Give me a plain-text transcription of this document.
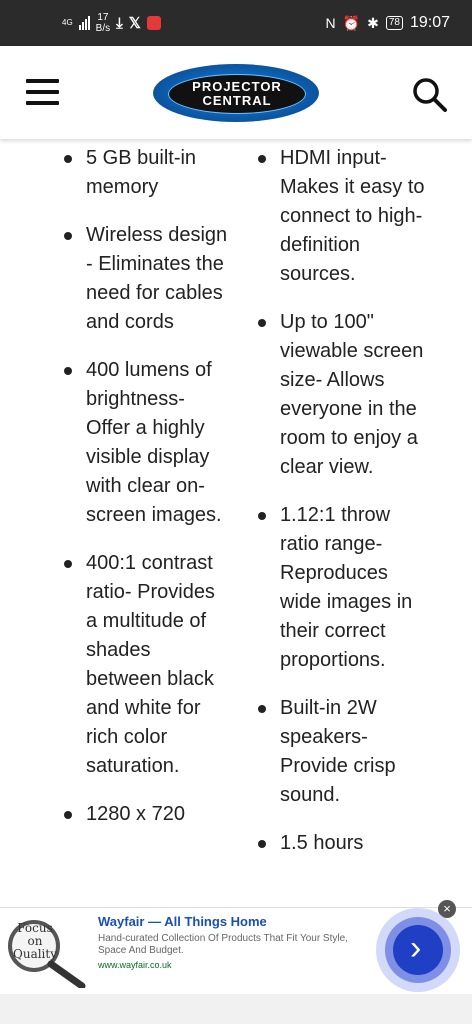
4G 17
B/s ⤓ 𝕏	N ⏰ ✱	78 19:07
PROJECTOR
CENTRAL
5 GB built-in memory
Wireless design - Eliminates the need for cables and cords
400 lumens of brightness- Offer a highly visible display with clear on-screen images.
400:1 contrast ratio- Provides a multitude of shades between black and white for rich color saturation.
1280 x 720
HDMI input- Makes it easy to connect to high-definition sources.
Up to 100" viewable screen size- Allows everyone in the room to enjoy a clear view.
1.12:1 throw ratio range- Reproduces wide images in their correct proportions.
Built-in 2W speakers- Provide crisp sound.
1.5 hours
Focus
on
Quality
Wayfair — All Things Home
Hand-curated Collection Of Products That Fit Your Style, Space And Budget.
www.wayfair.co.uk
×
›
